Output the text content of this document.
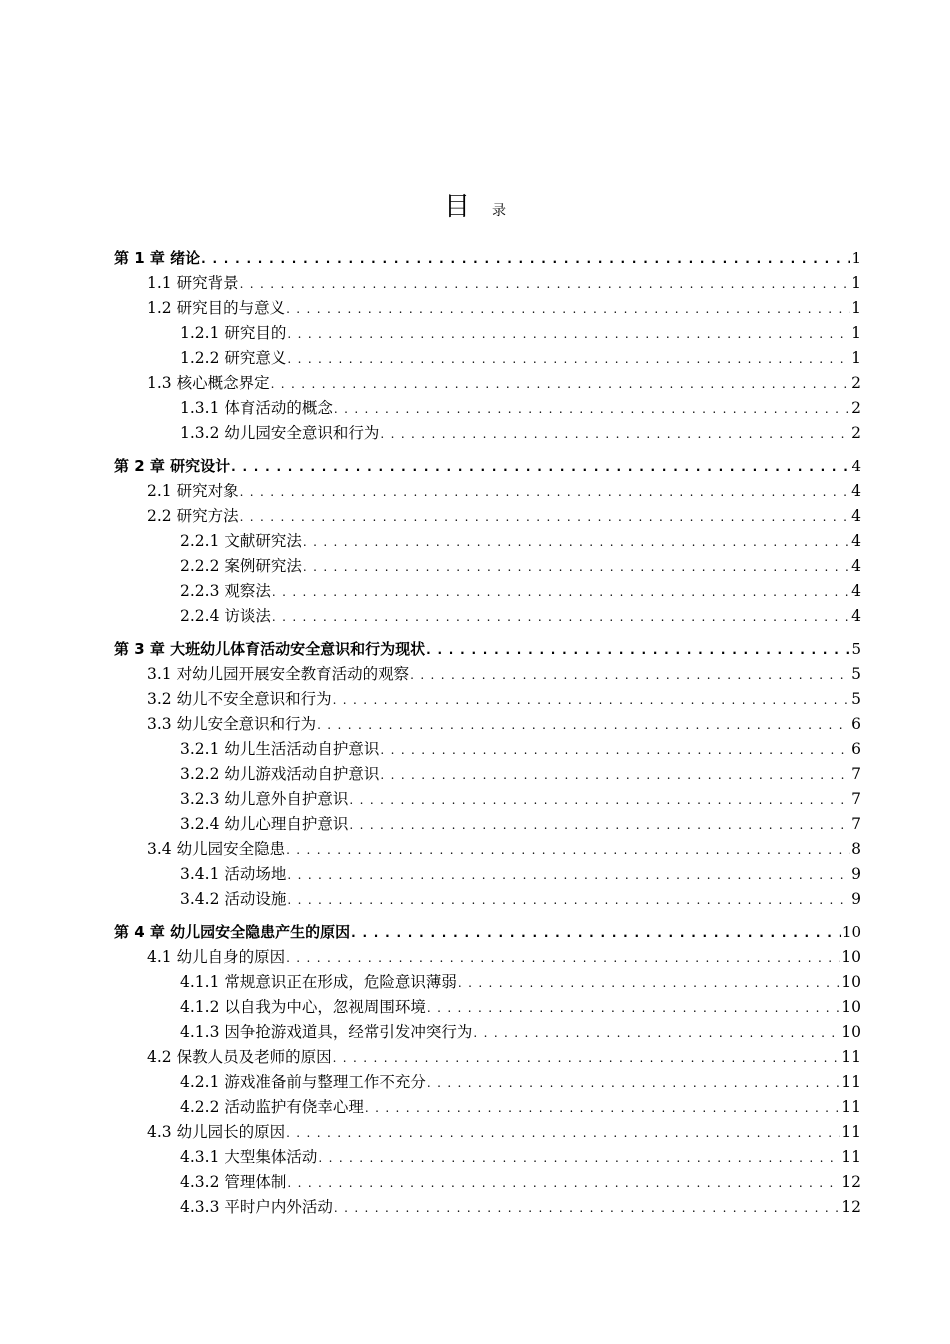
目 录
第 1 章 绪论 . . .	1
1.1 研究背景 . . .	1
1.2 研究目的与意义 . . .	1
1.2.1 研究目的 . . .	1
1.2.2 研究意义 . . .	1
1.3 核心概念界定 . . .	2
1.3.1 体育活动的概念 . . .	2
1.3.2 幼儿园安全意识和行为 . . .	2
第 2 章 研究设计 . . .	4
2.1 研究对象 . . .	4
2.2 研究方法 . . .	4
2.2.1 文献研究法 . . .	4
2.2.2 案例研究法 . . .	4
2.2.3 观察法 . . .	4
2.2.4 访谈法 . . .	4
第 3 章 大班幼儿体育活动安全意识和行为现状 . . .	5
3.1 对幼儿园开展安全教育活动的观察 . . .	5
3.2 幼儿不安全意识和行为 . . .	5
3.3 幼儿安全意识和行为 . . .	6
3.2.1 幼儿生活活动自护意识 . . .	6
3.2.2 幼儿游戏活动自护意识 . . .	7
3.2.3 幼儿意外自护意识 . . .	7
3.2.4 幼儿心理自护意识 . . .	7
3.4 幼儿园安全隐患 . . .	8
3.4.1 活动场地 . . .	9
3.4.2 活动设施 . . .	9
第 4 章 幼儿园安全隐患产生的原因 . . .	10
4.1 幼儿自身的原因 . . .	10
4.1.1 常规意识正在形成，危险意识薄弱 . . .	10
4.1.2 以自我为中心，忽视周围环境 . . .	10
4.1.3 因争抢游戏道具，经常引发冲突行为 . . .	10
4.2 保教人员及老师的原因 . . .	11
4.2.1 游戏准备前与整理工作不充分 . . .	11
4.2.2 活动监护有侥幸心理 . . .	11
4.3 幼儿园长的原因 . . .	11
4.3.1 大型集体活动 . . .	11
4.3.2 管理体制 . . .	12
4.3.3 平时户内外活动 . . .	12
